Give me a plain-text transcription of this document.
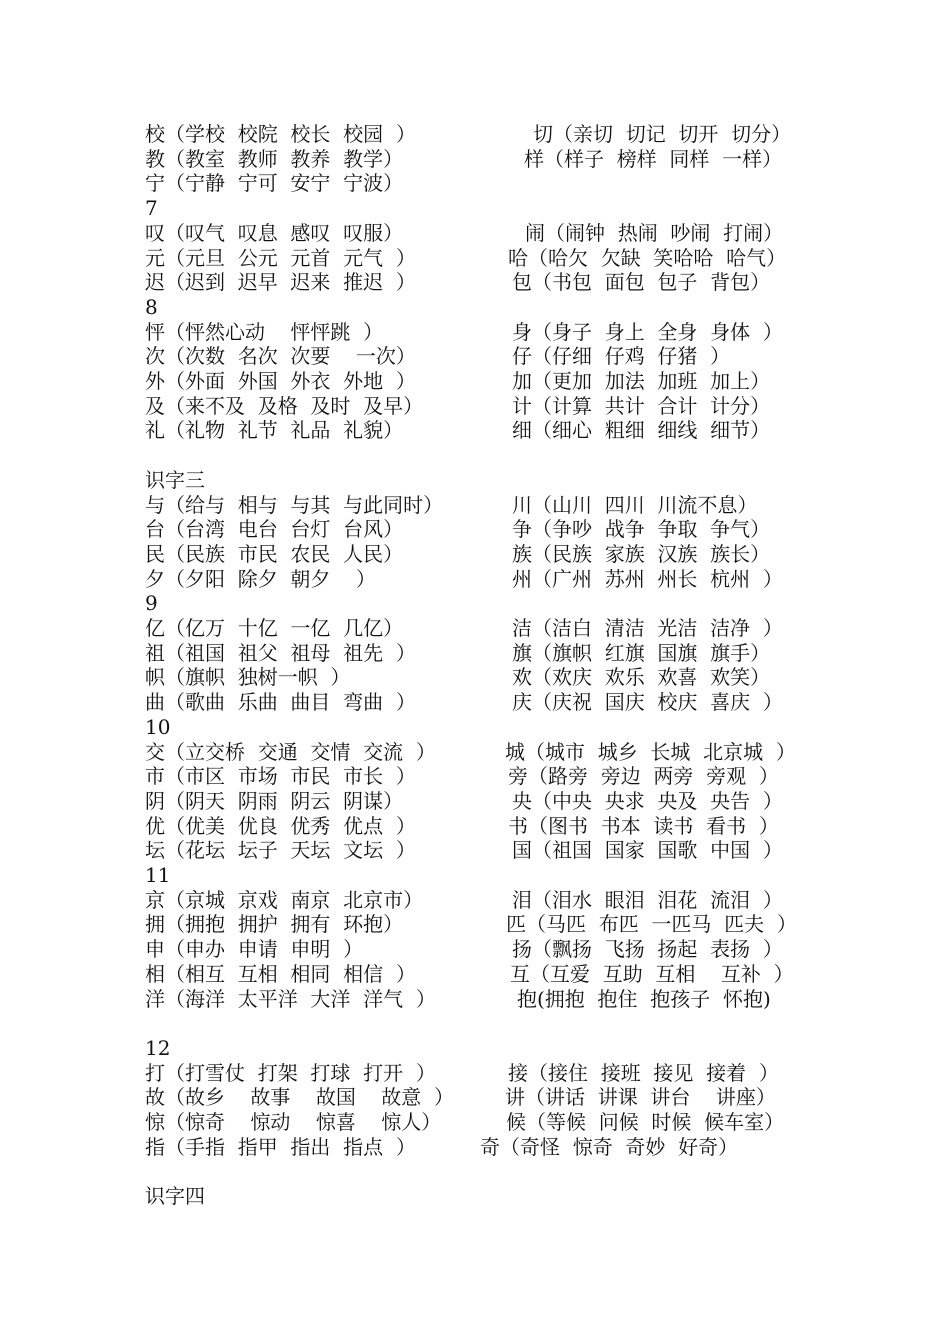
校（学校  校院  校长  校园  ）	切（亲切  切记  切开  切分）
教（教室  教师  教养  教学）	样（样子  榜样  同样  一样）
宁（宁静  宁可  安宁  宁波）
7
叹（叹气  叹息  感叹  叹服）	闹（闹钟  热闹  吵闹  打闹）
元（元旦  公元  元首  元气  ）	哈（哈欠  欠缺  笑哈哈  哈气）
迟（迟到  迟早  迟来  推迟  ）	包（书包  面包  包子  背包）
8
怦（怦然心动    怦怦跳  ）	身（身子  身上  全身  身体  ）
次（次数  名次  次要    一次）	仔（仔细  仔鸡  仔猪  ）
外（外面  外国  外衣  外地  ）	加（更加  加法  加班  加上）
及（来不及  及格  及时  及早）	计（计算  共计  合计  计分）
礼（礼物  礼节  礼品  礼貌）	细（细心  粗细  细线  细节）
识字三
与（给与  相与  与其  与此同时）	川（山川  四川  川流不息）
台（台湾  电台  台灯  台风）	争（争吵  战争  争取  争气）
民（民族  市民  农民  人民）	族（民族  家族  汉族  族长）
夕（夕阳  除夕  朝夕    ）	州（广州  苏州  州长  杭州  ）
9
亿（亿万  十亿  一亿  几亿）	洁（洁白  清洁  光洁  洁净  ）
祖（祖国  祖父  祖母  祖先  ）	旗（旗帜  红旗  国旗  旗手）
帜（旗帜  独树一帜  ）	欢（欢庆  欢乐  欢喜  欢笑）
曲（歌曲  乐曲  曲目  弯曲  ）	庆（庆祝  国庆  校庆  喜庆  ）
10
交（立交桥  交通  交情  交流  ）	城（城市  城乡  长城  北京城  ）
市（市区  市场  市民  市长  ）	旁（路旁  旁边  两旁  旁观  ）
阴（阴天  阴雨  阴云  阴谋）	央（中央  央求  央及  央告  ）
优（优美  优良  优秀  优点  ）	书（图书  书本  读书  看书  ）
坛（花坛  坛子  天坛  文坛  ）	国（祖国  国家  国歌  中国  ）
11
京（京城  京戏  南京  北京市）	泪（泪水  眼泪  泪花  流泪  ）
拥（拥抱  拥护  拥有  环抱）	匹（马匹  布匹  一匹马  匹夫  ）
申（申办  申请  申明  ）	扬（飘扬  飞扬  扬起  表扬  ）
相（相互  互相  相同  相信  ）	互（互爱  互助  互相    互补  ）
洋（海洋  太平洋  大洋  洋气  ）	抱(拥抱  抱住  抱孩子  怀抱)
12
打（打雪仗  打架  打球  打开  ）	接（接住  接班  接见  接着  ）
故（故乡    故事    故国    故意  ）	讲（讲话  讲课  讲台    讲座）
惊（惊奇    惊动    惊喜    惊人）	候（等候  问候  时候  候车室）
指（手指  指甲  指出  指点  ）	奇（奇怪  惊奇  奇妙  好奇）
识字四
